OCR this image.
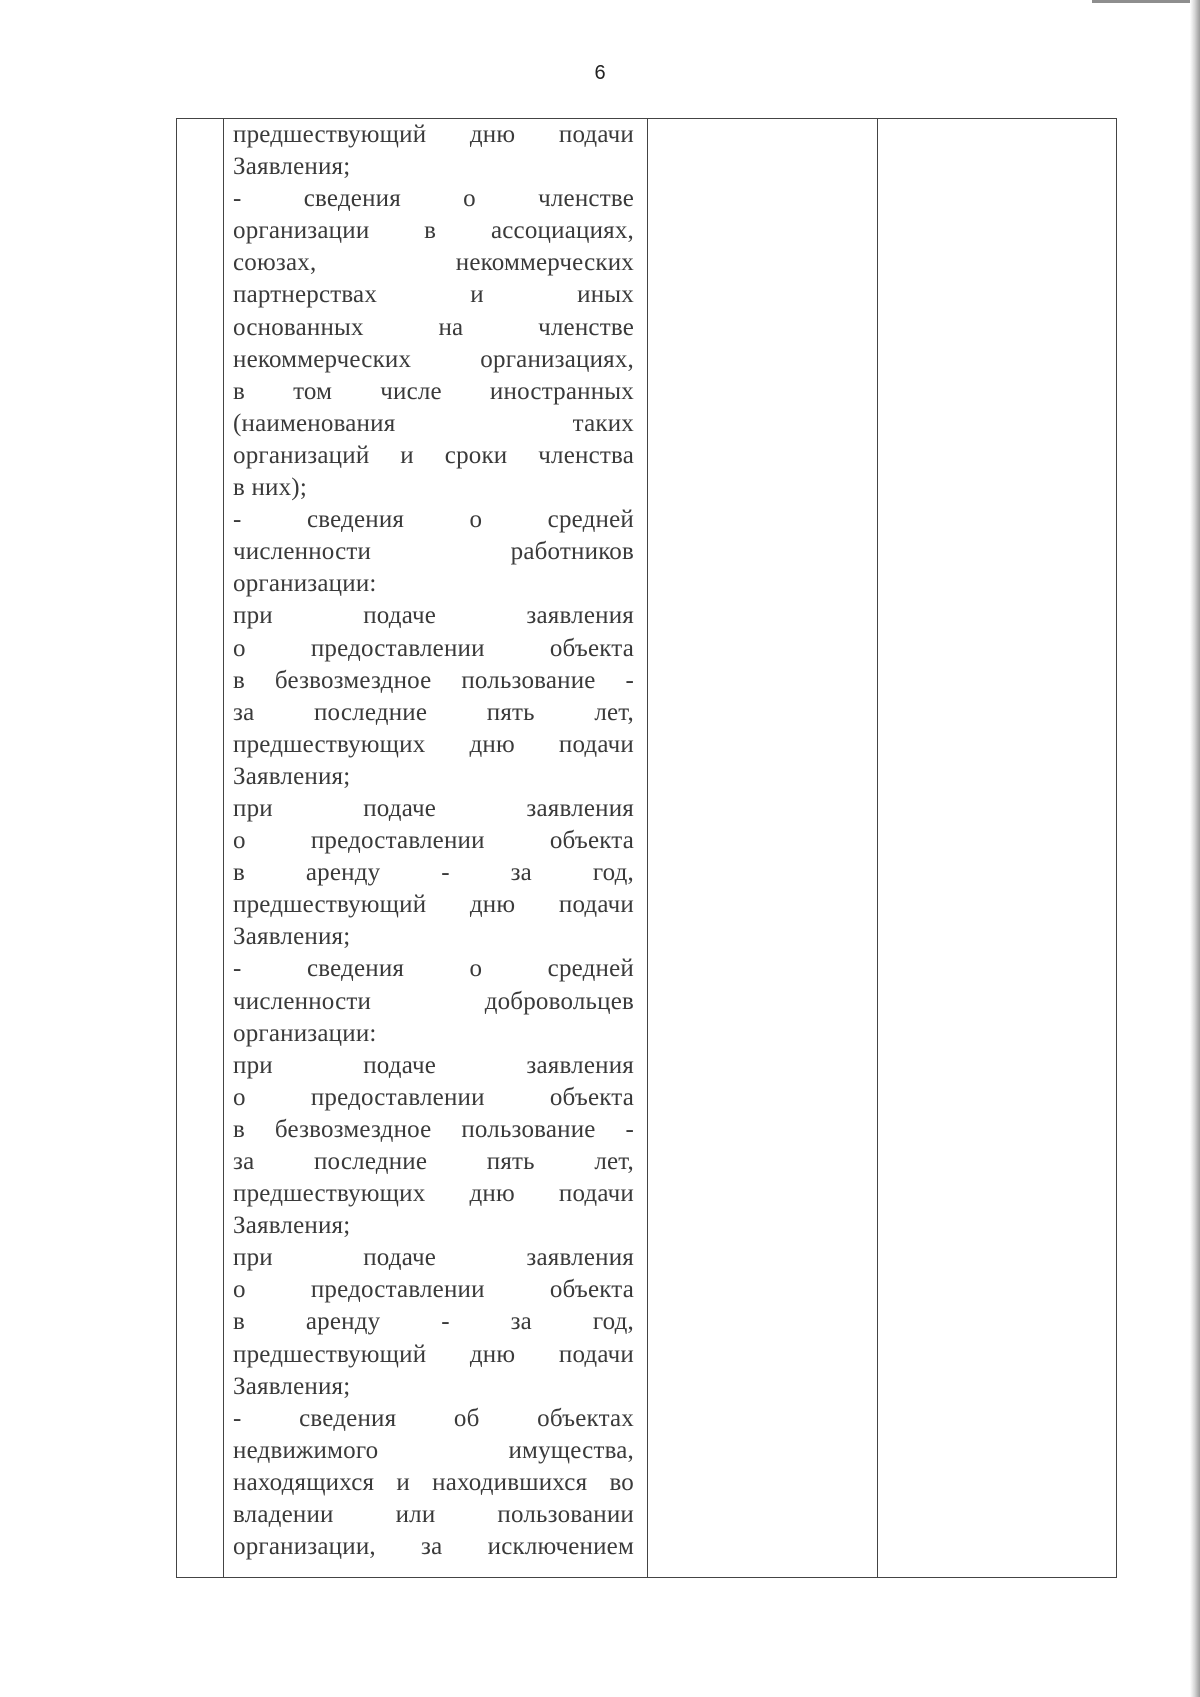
6
предшествующий дню подачи
Заявления;
- сведения о членстве
организации в ассоциациях,
союзах, некоммерческих
партнерствах и иных
основанных на членстве
некоммерческих организациях,
в том числе иностранных
(наименования таких
организаций и сроки членства
в них);
- сведения о средней
численности работников
организации:
при подаче заявления
о предоставлении объекта
в безвозмездное пользование -
за последние пять лет,
предшествующих дню подачи
Заявления;
при подаче заявления
о предоставлении объекта
в аренду - за год,
предшествующий дню подачи
Заявления;
- сведения о средней
численности добровольцев
организации:
при подаче заявления
о предоставлении объекта
в безвозмездное пользование -
за последние пять лет,
предшествующих дню подачи
Заявления;
при подаче заявления
о предоставлении объекта
в аренду - за год,
предшествующий дню подачи
Заявления;
- сведения об объектах
недвижимого имущества,
находящихся и находившихся во
владении или пользовании
организации, за исключением
